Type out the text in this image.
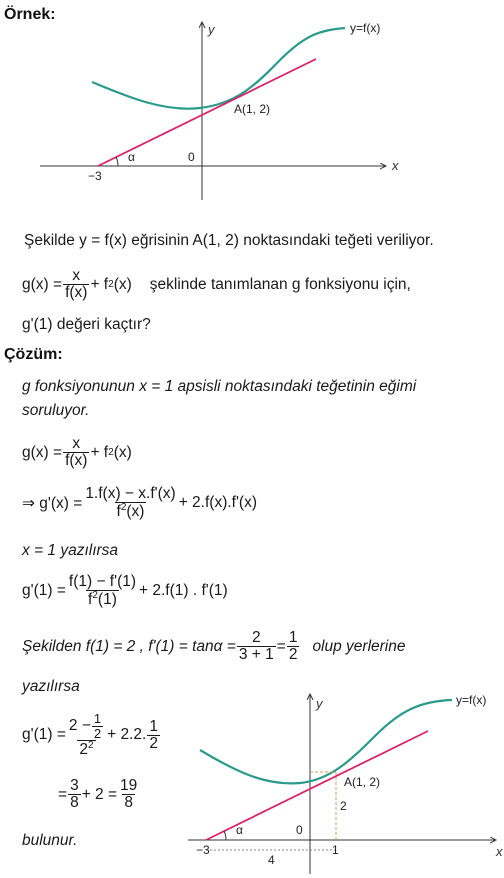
Örnek:
y
x
y=f(x)
A(1, 2)
α	0
−3
Şekilde y = f(x) eğrisinin A(1, 2) noktasındaki teğeti veriliyor.
$g(x) = \frac{x}{f(x)} + f$ 2 (x) şeklinde tanımlanan g fonksiyonu için,
g'(1) değeri kaçtır?
Çözüm:
g fonksiyonunun x = 1 apsisli noktasındaki teğetinin eğimi
soruluyor.
$g(x) = \frac{x}{f(x)} + f$ 2 (x)
⇒ $g'(x) = \frac{1.f(x) - x.f'(x)}{f^2(x)} + 2.f(x).f'(x)$
x = 1 yazılırsa
$g'(1) = \frac{f(1) - f'(1)}{f^2(1)} + 2.f(1)$ . f'(1)
Şekilden f(1) = 2 , $f'(1) = \tan\alpha = \frac{2}{3 + 1} = \frac{1}{2}$ olup yerlerine
yazılırsa
$g'(1) = \frac{2 - \frac{1}{2}}{2^2} + 2.2$. $\frac{1}{2}$
= $\frac{3}{8} + 2 = \frac{19}{8}$
bulunur.
y
x
y=f(x)
A(1, 2)
α	0
−3	1
2
4
